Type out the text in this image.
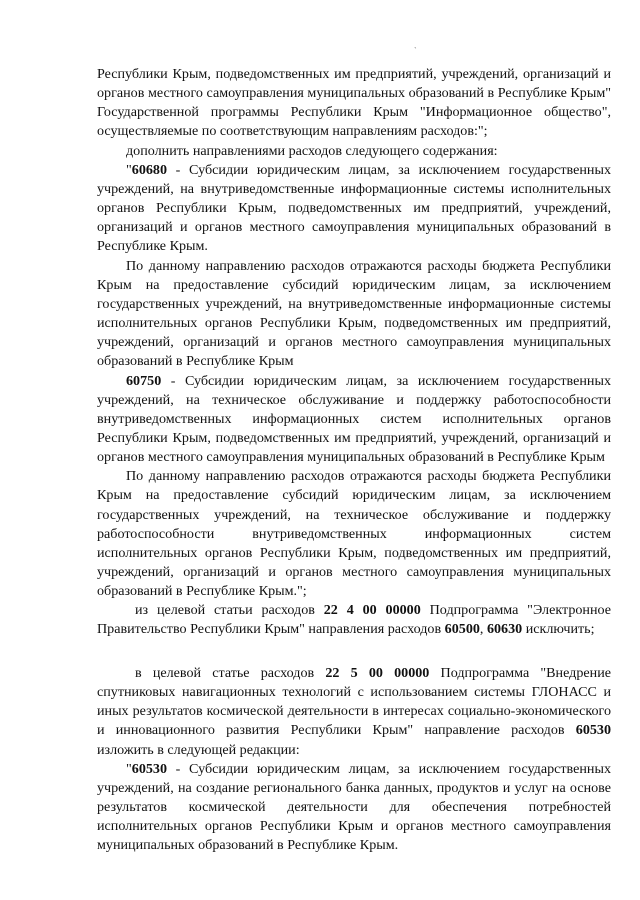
`

Республики Крым, подведомственных им предприятий, учреждений, организаций и органов местного самоуправления муниципальных образований в Республике Крым" Государственной программы Республики Крым "Информационное общество", осуществляемые по соответствующим направлениям расходов:";

дополнить направлениями расходов следующего содержания:

"60680 - Субсидии юридическим лицам, за исключением государственных учреждений, на внутриведомственные информационные системы исполнительных органов Республики Крым, подведомственных им предприятий, учреждений, организаций и органов местного самоуправления муниципальных образований в Республике Крым.

По данному направлению расходов отражаются расходы бюджета Республики Крым на предоставление субсидий юридическим лицам, за исключением государственных учреждений, на внутриведомственные информационные системы исполнительных органов Республики Крым, подведомственных им предприятий, учреждений, организаций и органов местного самоуправления муниципальных образований в Республике Крым

60750 - Субсидии юридическим лицам, за исключением государственных учреждений, на техническое обслуживание и поддержку работоспособности внутриведомственных информационных систем исполнительных органов Республики Крым, подведомственных им предприятий, учреждений, организаций и органов местного самоуправления муниципальных образований в Республике Крым

По данному направлению расходов отражаются расходы бюджета Республики Крым на предоставление субсидий юридическим лицам, за исключением государственных учреждений, на техническое обслуживание и поддержку работоспособности внутриведомственных информационных систем исполнительных органов Республики Крым, подведомственных им предприятий, учреждений, организаций и органов местного самоуправления муниципальных образований в Республике Крым.";

из целевой статьи расходов 22 4 00 00000 Подпрограмма "Электронное Правительство Республики Крым" направления расходов 60500, 60630 исключить;

в целевой статье расходов 22 5 00 00000 Подпрограмма "Внедрение спутниковых навигационных технологий с использованием системы ГЛОНАСС и иных результатов космической деятельности в интересах социально-экономического и инновационного развития Республики Крым" направление расходов 60530 изложить в следующей редакции:

"60530 - Субсидии юридическим лицам, за исключением государственных учреждений, на создание регионального банка данных, продуктов и услуг на основе результатов космической деятельности для обеспечения потребностей исполнительных органов Республики Крым и органов местного самоуправления муниципальных образований в Республике Крым.
